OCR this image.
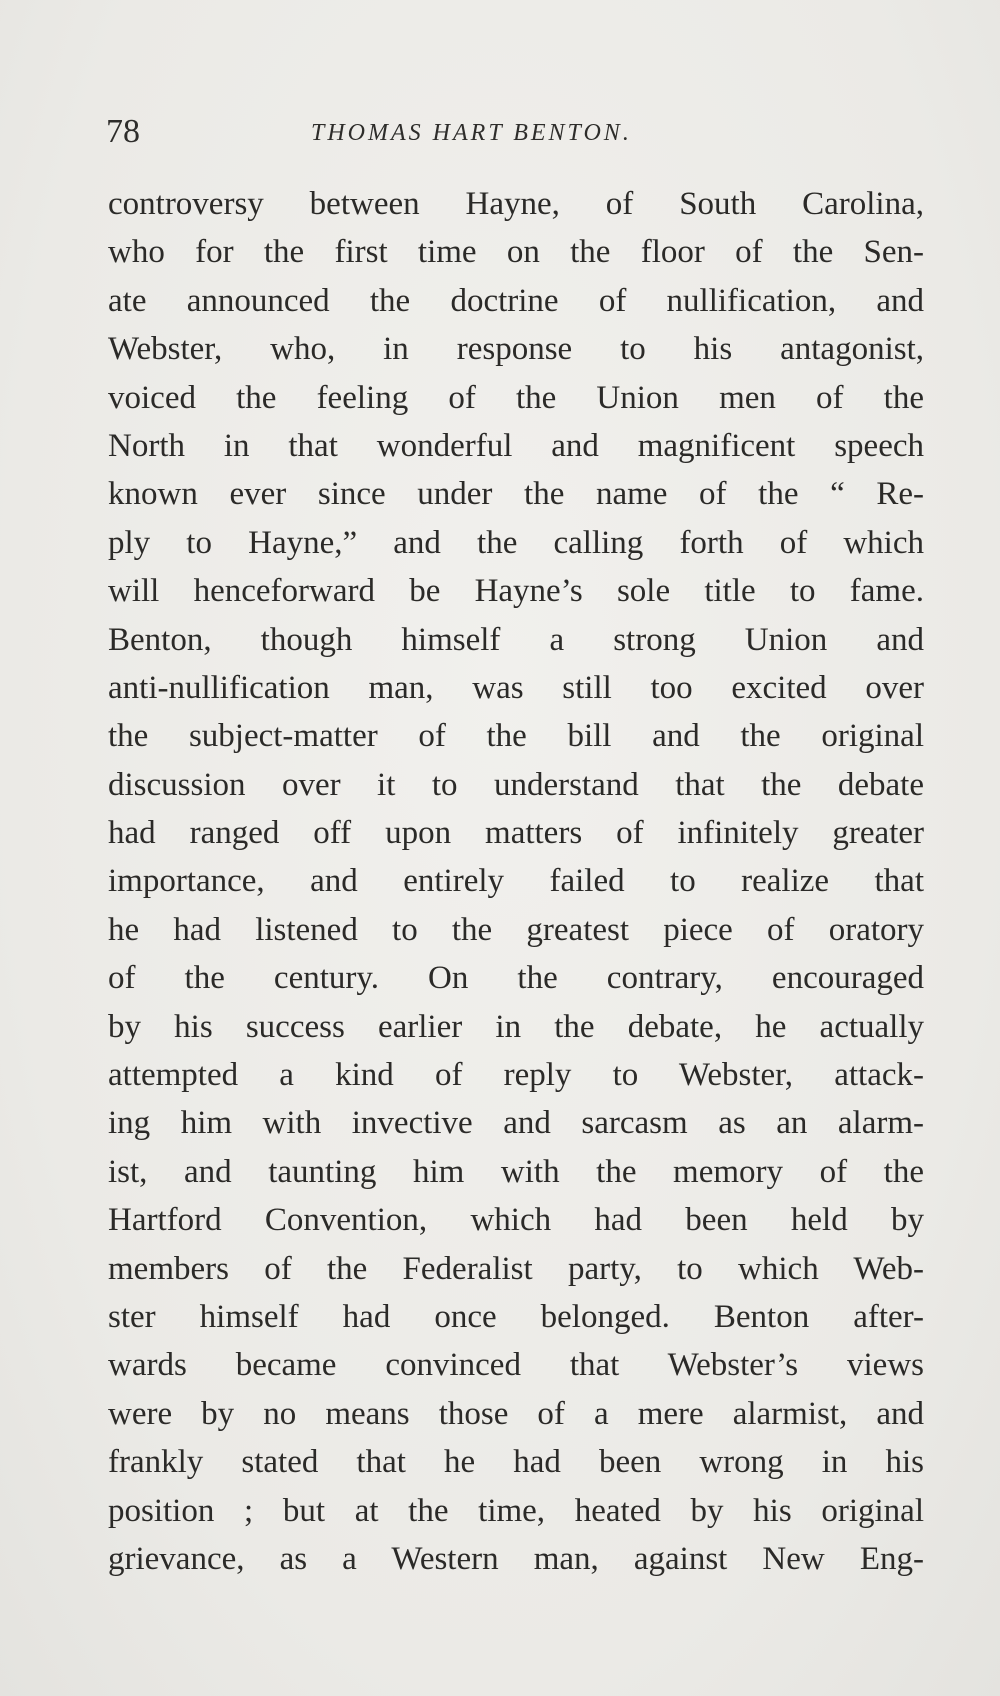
78	THOMAS HART BENTON.
controversy between Hayne, of South Carolina,
who for the first time on the floor of the Sen-
ate announced the doctrine of nullification, and
Webster, who, in response to his antagonist,
voiced the feeling of the Union men of the
North in that wonderful and magnificent speech
known ever since under the name of the “ Re-
ply to Hayne,” and the calling forth of which
will henceforward be Hayne’s sole title to fame.
Benton, though himself a strong Union and
anti-nullification man, was still too excited over
the subject-matter of the bill and the original
discussion over it to understand that the debate
had ranged off upon matters of infinitely greater
importance, and entirely failed to realize that
he had listened to the greatest piece of oratory
of the century. On the contrary, encouraged
by his success earlier in the debate, he actually
attempted a kind of reply to Webster, attack-
ing him with invective and sarcasm as an alarm-
ist, and taunting him with the memory of the
Hartford Convention, which had been held by
members of the Federalist party, to which Web-
ster himself had once belonged. Benton after-
wards became convinced that Webster’s views
were by no means those of a mere alarmist, and
frankly stated that he had been wrong in his
position ; but at the time, heated by his original
grievance, as a Western man, against New Eng-
